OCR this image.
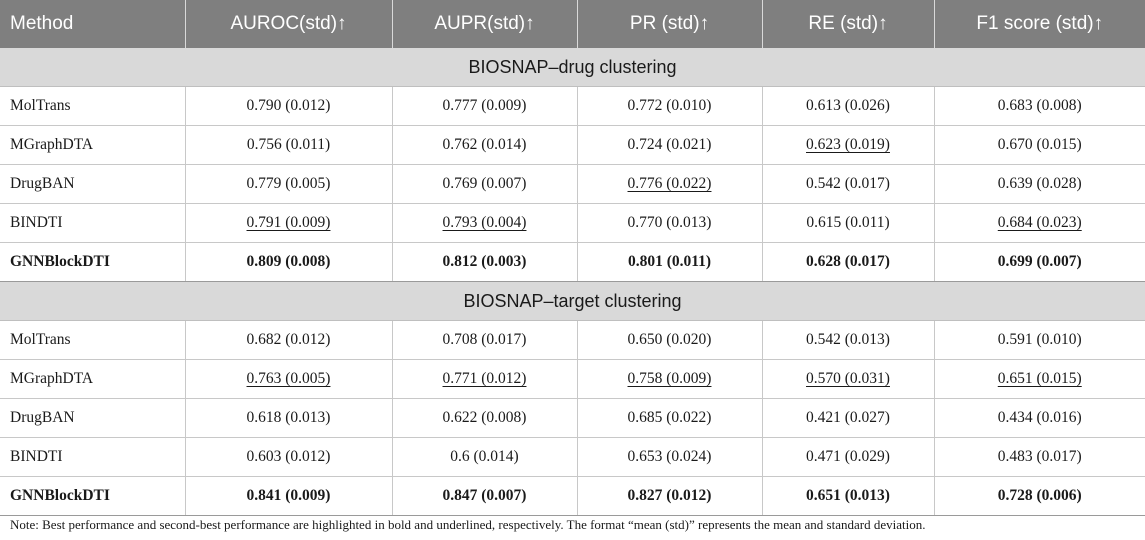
Method	AUROC(std)↑	AUPR(std)↑	PR (std)↑	RE (std)↑	F1 score (std)↑
BIOSNAP–drug clustering					
MolTrans	0.790 (0.012)	0.777 (0.009)	0.772 (0.010)	0.613 (0.026)	0.683 (0.008)
MGraphDTA	0.756 (0.011)	0.762 (0.014)	0.724 (0.021)	0.623 (0.019)	0.670 (0.015)
DrugBAN	0.779 (0.005)	0.769 (0.007)	0.776 (0.022)	0.542 (0.017)	0.639 (0.028)
BINDTI	0.791 (0.009)	0.793 (0.004)	0.770 (0.013)	0.615 (0.011)	0.684 (0.023)
GNNBlockDTI	0.809 (0.008)	0.812 (0.003)	0.801 (0.011)	0.628 (0.017)	0.699 (0.007)
BIOSNAP–target clustering					
MolTrans	0.682 (0.012)	0.708 (0.017)	0.650 (0.020)	0.542 (0.013)	0.591 (0.010)
MGraphDTA	0.763 (0.005)	0.771 (0.012)	0.758 (0.009)	0.570 (0.031)	0.651 (0.015)
DrugBAN	0.618 (0.013)	0.622 (0.008)	0.685 (0.022)	0.421 (0.027)	0.434 (0.016)
BINDTI	0.603 (0.012)	0.6 (0.014)	0.653 (0.024)	0.471 (0.029)	0.483 (0.017)
GNNBlockDTI	0.841 (0.009)	0.847 (0.007)	0.827 (0.012)	0.651 (0.013)	0.728 (0.006)
Note: Best performance and second-best performance are highlighted in bold and underlined, respectively. The format “mean (std)” represents the mean and standard deviation.
